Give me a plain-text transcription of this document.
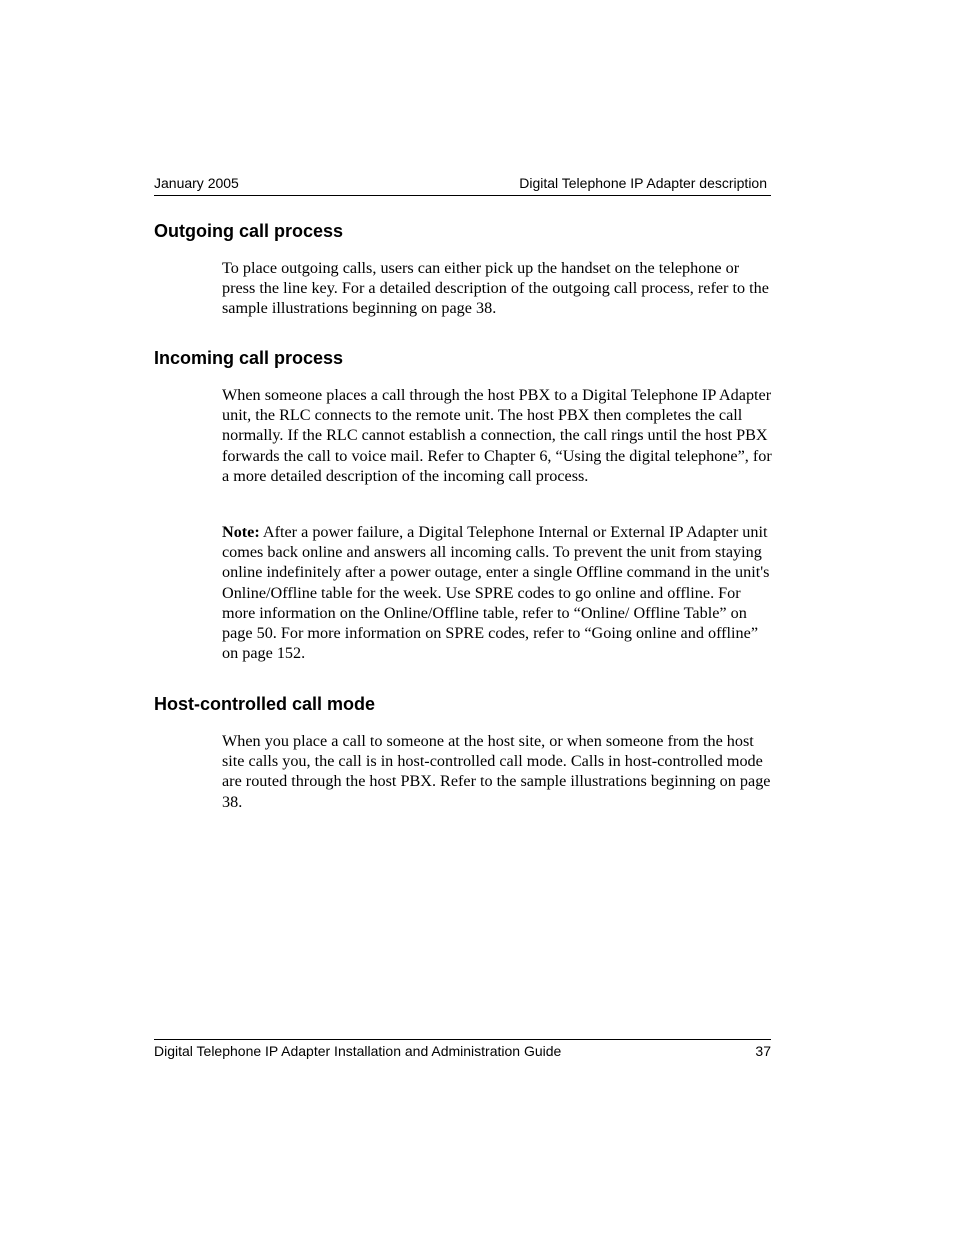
January 2005	Digital Telephone IP Adapter description
Outgoing call process

To place outgoing calls, users can either pick up the handset on the telephone or press the line key. For a detailed description of the outgoing call process, refer to the sample illustrations beginning on page 38.

Incoming call process

When someone places a call through the host PBX to a Digital Telephone IP Adapter unit, the RLC connects to the remote unit. The host PBX then completes the call normally. If the RLC cannot establish a connection, the call rings until the host PBX forwards the call to voice mail. Refer to Chapter 6, “Using the digital telephone”, for a more detailed description of the incoming call process.

Note: After a power failure, a Digital Telephone Internal or External IP Adapter unit comes back online and answers all incoming calls. To prevent the unit from staying online indefinitely after a power outage, enter a single Offline command in the unit's Online/Offline table for the week. Use SPRE codes to go online and offline. For more information on the Online/Offline table, refer to “Online/ Offline Table” on page 50. For more information on SPRE codes, refer to “Going online and offline” on page 152.

Host-controlled call mode

When you place a call to someone at the host site, or when someone from the host site calls you, the call is in host-controlled call mode. Calls in host-controlled mode are routed through the host PBX. Refer to the sample illustrations beginning on page 38.

Digital Telephone IP Adapter Installation and Administration Guide	37
